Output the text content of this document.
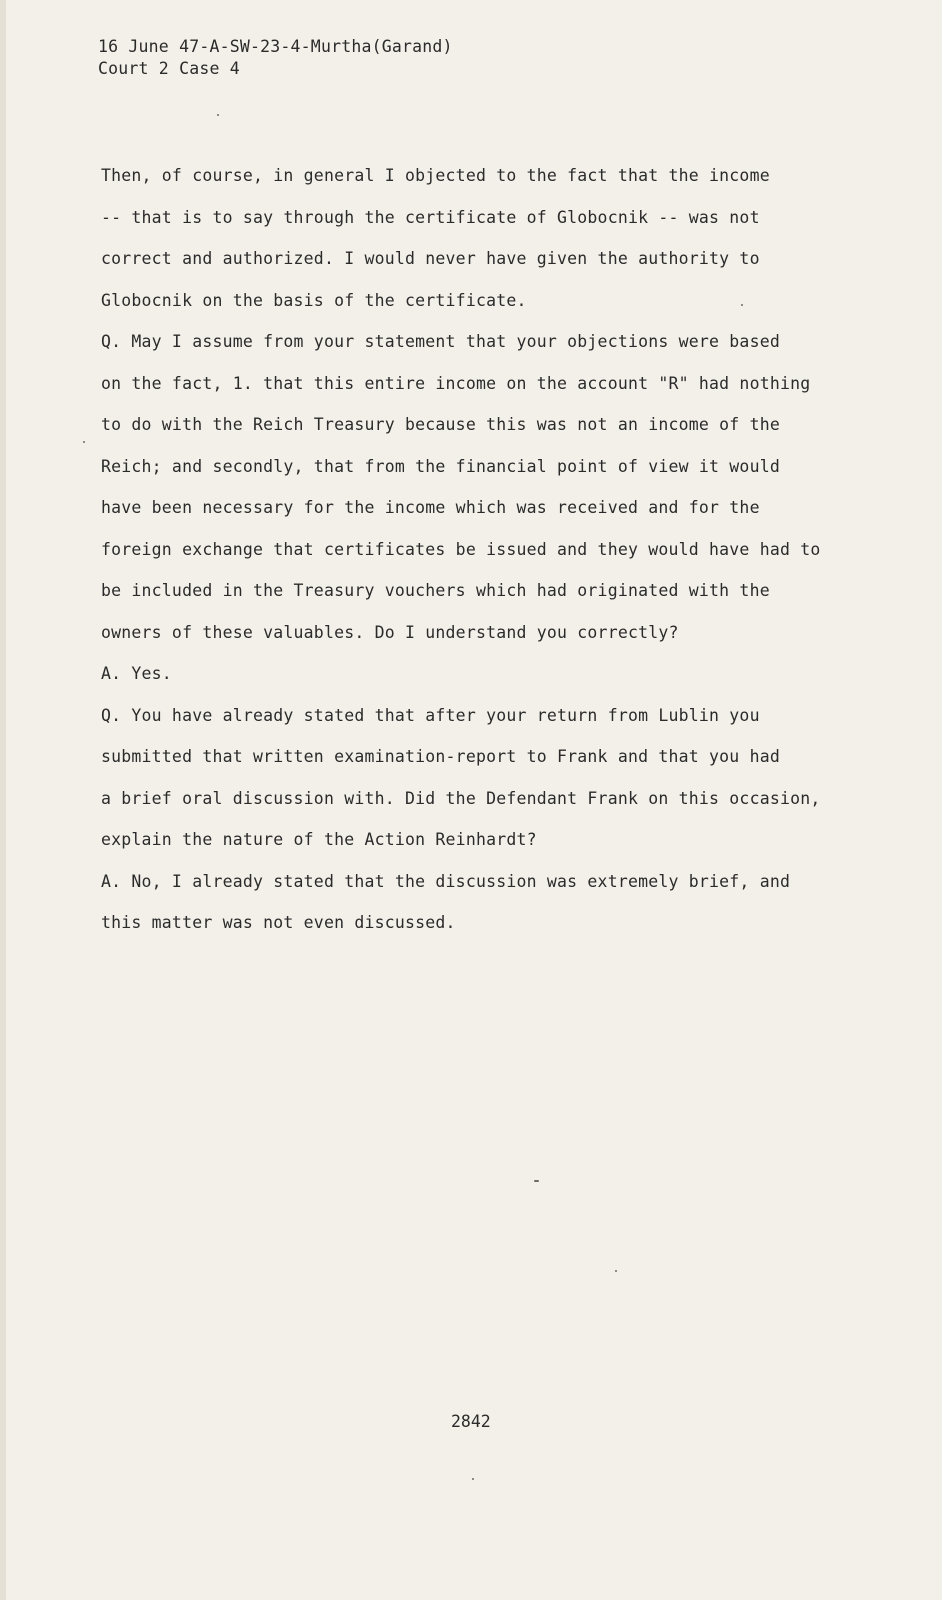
16 June 47-A-SW-23-4-Murtha(Garand)
Court 2 Case 4
Then, of course, in general I objected to the fact that the income
-- that is to say through the certificate of Globocnik -- was not
correct and authorized. I would never have given the authority to
Globocnik on the basis of the certificate.
Q. May I assume from your statement that your objections were based
on the fact, 1. that this entire income on the account "R" had nothing
to do with the Reich Treasury because this was not an income of the
Reich; and secondly, that from the financial point of view it would
have been necessary for the income which was received and for the
foreign exchange that certificates be issued and they would have had to
be included in the Treasury vouchers which had originated with the
owners of these valuables. Do I understand you correctly?
A. Yes.
Q. You have already stated that after your return from Lublin you
submitted that written examination-report to Frank and that you had
a brief oral discussion with. Did the Defendant Frank on this occasion,
explain the nature of the Action Reinhardt?
A. No, I already stated that the discussion was extremely brief, and
this matter was not even discussed.
2842
